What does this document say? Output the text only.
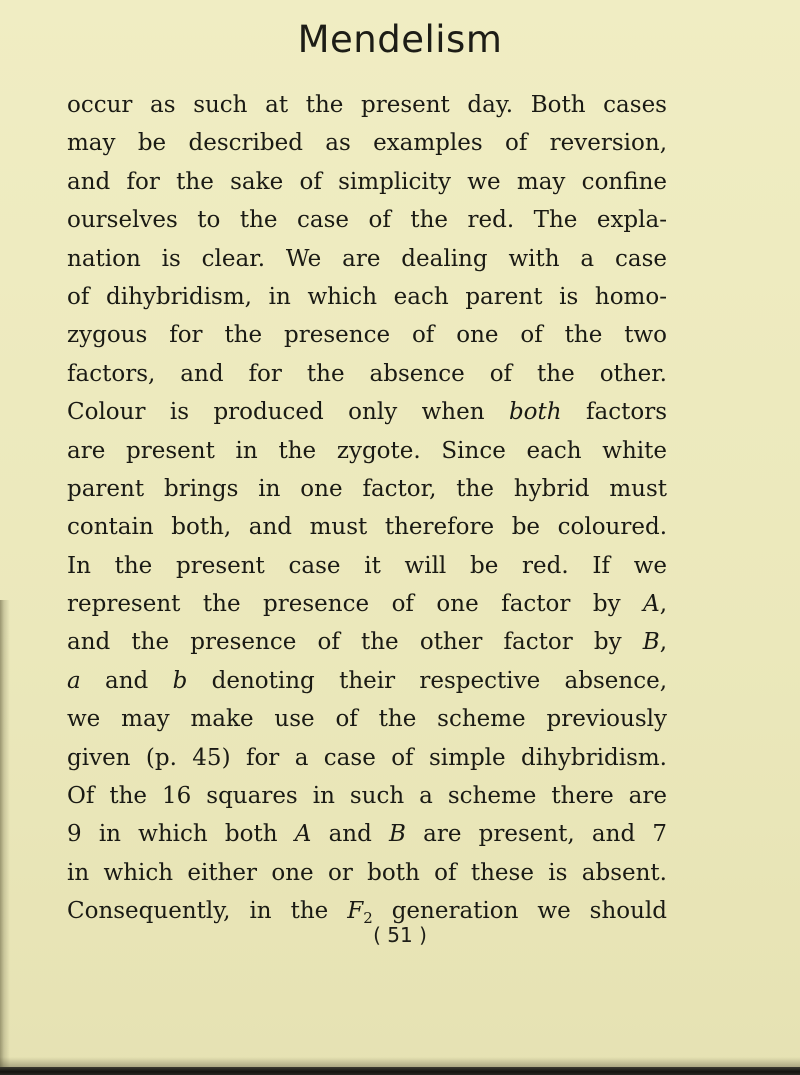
Mendelism
occur as such at the present day. Both cases
may be described as examples of reversion,
and for the sake of simplicity we may confine
ourselves to the case of the red. The expla-
nation is clear. We are dealing with a case
of dihybridism, in which each parent is homo-
zygous for the presence of one of the two
factors, and for the absence of the other.
Colour is produced only when both factors
are present in the zygote. Since each white
parent brings in one factor, the hybrid must
contain both, and must therefore be coloured.
In the present case it will be red. If we
represent the presence of one factor by A,
and the presence of the other factor by B,
a and b denoting their respective absence,
we may make use of the scheme previously
given (p. 45) for a case of simple dihybridism.
Of the 16 squares in such a scheme there are
9 in which both A and B are present, and 7
in which either one or both of these is absent.
Consequently, in the $F_2$ generation we should
( 51 )
